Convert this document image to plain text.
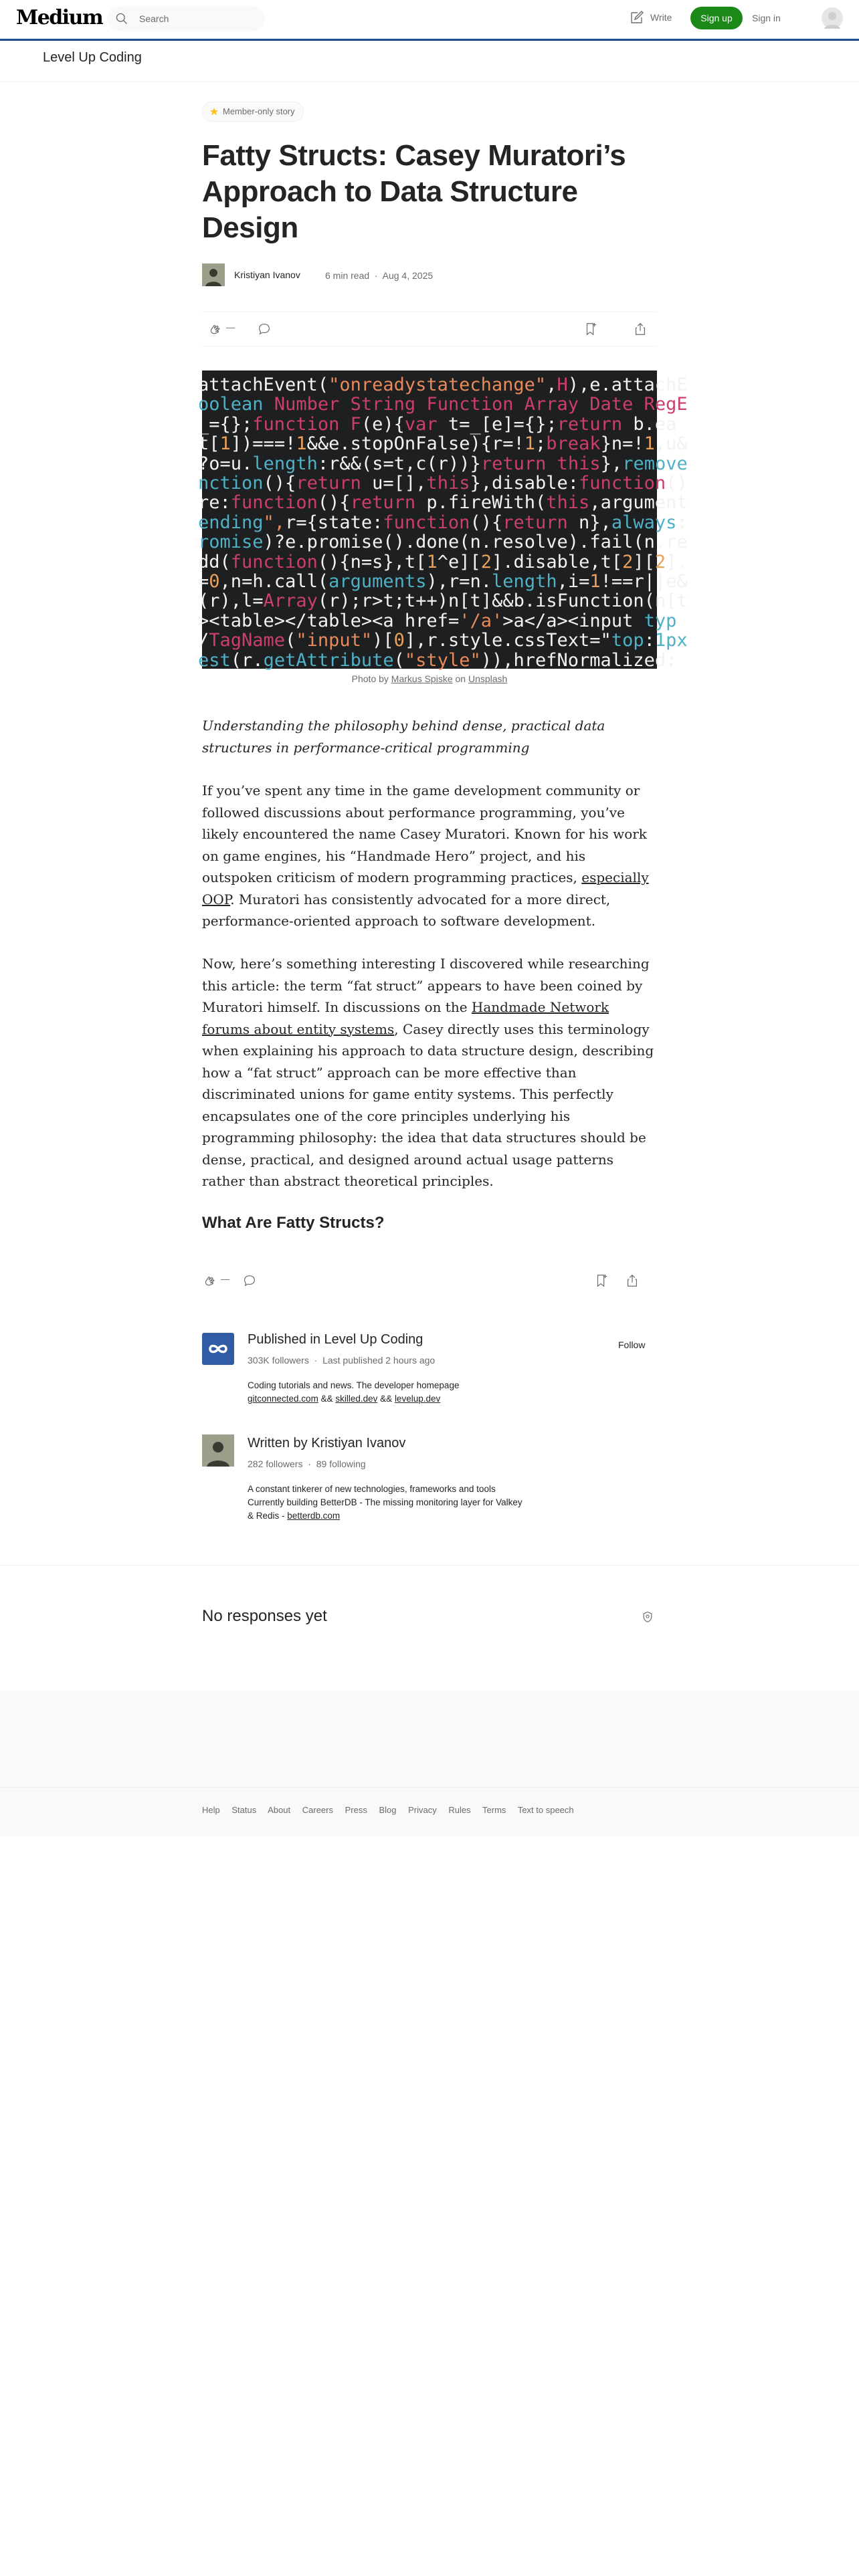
Medium	Search	Write	Sign up	Sign in
Level Up Coding
Member-only story
Fatty Structs: Casey Muratori’s Approach to Data Structure Design
Kristiyan Ivanov	6 min read  ·  Aug 4, 2025
—
attachEvent("onreadystatechange",H),e.attachE
oolean Number String Function Array Date RegE
_={};function F(e){var t=_[e]={};return b.ea
t[1])===!1&&e.stopOnFalse){r=!1;break}n=!1,u&
?o=u.length:r&&(s=t,c(r))}return this},remove
nction(){return u=[],this},disable:function()
re:function(){return p.fireWith(this,argument
ending",r={state:function(){return n},always:
romise)?e.promise().done(n.resolve).fail(n.re
dd(function(){n=s},t[1^e][2].disable,t[2][2].
=0,n=h.call(arguments),r=n.length,i=1!==r||e&
(r),l=Array(r);r>t;t++)n[t]&&b.isFunction(n[t
><table></table><a href='/a'>a</a><input typ
/TagName("input")[0],r.style.cssText="top:1px
est(r.getAttribute("style")),hrefNormalized:
Photo by Markus Spiske on Unsplash
Understanding the philosophy behind dense, practical data structures in performance-critical programming
If you’ve spent any time in the game development community or followed discussions about performance programming, you’ve likely encountered the name Casey Muratori. Known for his work on game engines, his “Handmade Hero” project, and his outspoken criticism of modern programming practices, especially OOP. Muratori has consistently advocated for a more direct, performance-oriented approach to software development.
Now, here’s something interesting I discovered while researching this article: the term “fat struct” appears to have been coined by Muratori himself. In discussions on the Handmade Network forums about entity systems, Casey directly uses this terminology when explaining his approach to data structure design, describing how a “fat struct” approach can be more effective than discriminated unions for game entity systems. This perfectly encapsulates one of the core principles underlying his programming philosophy: the idea that data structures should be dense, practical, and designed around actual usage patterns rather than abstract theoretical principles.
What Are Fatty Structs?
—
Published in Level Up Coding
303K followers  ·  Last published 2 hours ago
Follow
Coding tutorials and news. The developer homepage
gitconnected.com && skilled.dev && levelup.dev
Written by Kristiyan Ivanov
282 followers  ·  89 following
A constant tinkerer of new technologies, frameworks and tools
Currently building BetterDB - The missing monitoring layer for Valkey
& Redis - betterdb.com
No responses yet
Help Status About Careers Press Blog Privacy Rules Terms Text to speech
